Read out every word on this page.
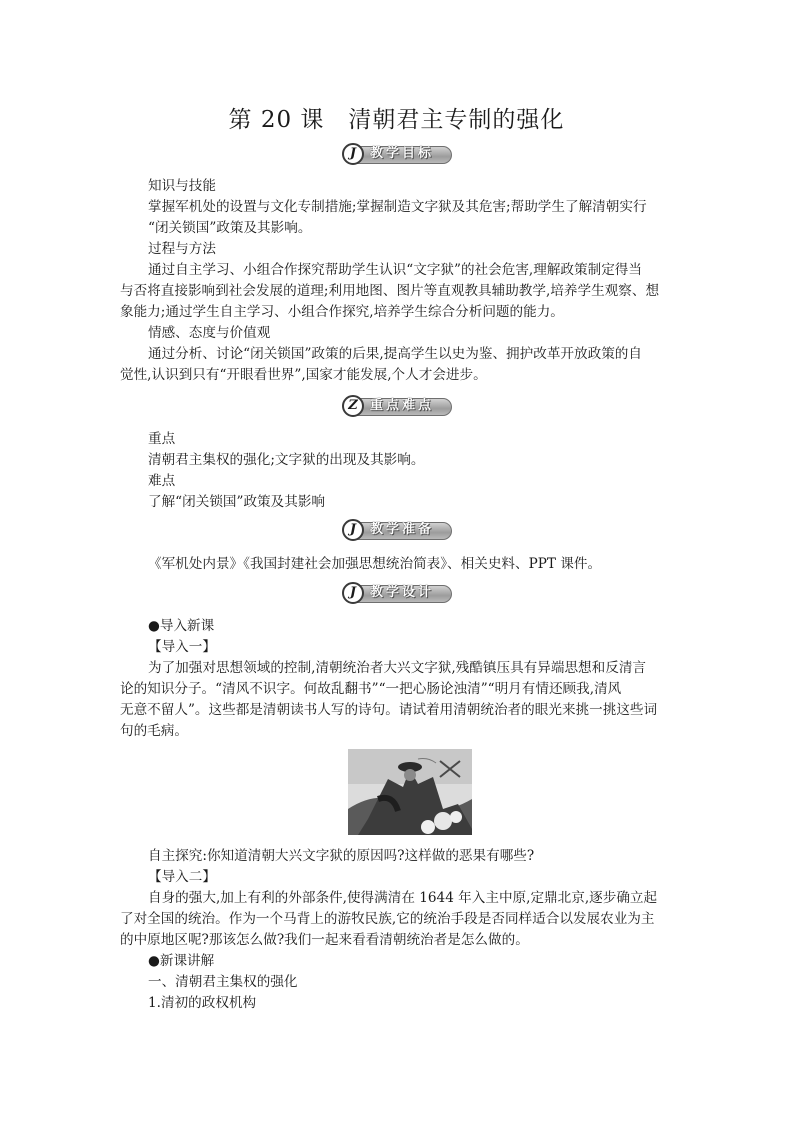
第 20 课　清朝君主专制的强化
J	教学目标
知识与技能
掌握军机处的设置与文化专制措施;掌握制造文字狱及其危害;帮助学生了解清朝实行
“闭关锁国”政策及其影响。
过程与方法
通过自主学习、小组合作探究帮助学生认识“文字狱”的社会危害,理解政策制定得当
与否将直接影响到社会发展的道理;利用地图、图片等直观教具辅助教学,培养学生观察、想
象能力;通过学生自主学习、小组合作探究,培养学生综合分析问题的能力。
情感、态度与价值观
通过分析、讨论“闭关锁国”政策的后果,提高学生以史为鉴、拥护改革开放政策的自
觉性,认识到只有“开眼看世界”,国家才能发展,个人才会进步。
Z 重点难点
重点
清朝君主集权的强化;文字狱的出现及其影响。
难点
了解“闭关锁国”政策及其影响
J	教学准备
《军机处内景》《我国封建社会加强思想统治简表》、相关史料、PPT 课件。
J	教学设计
● 导入新课
【导入一】
为了加强对思想领域的控制,清朝统治者大兴文字狱,残酷镇压具有异端思想和反清言
论的知识分子。“清风不识字。何故乱翻书”“一把心肠论浊清”“明月有情还顾我,清风
无意不留人”。这些都是清朝读书人写的诗句。请试着用清朝统治者的眼光来挑一挑这些词
句的毛病。
自主探究:你知道清朝大兴文字狱的原因吗?这样做的恶果有哪些?
【导入二】
自身的强大,加上有利的外部条件,使得满清在 1644 年入主中原,定鼎北京,逐步确立起
了对全国的统治。作为一个马背上的游牧民族,它的统治手段是否同样适合以发展农业为主
的中原地区呢?那该怎么做?我们一起来看看清朝统治者是怎么做的。
● 新课讲解
一、清朝君主集权的强化
1.清初的政权机构
